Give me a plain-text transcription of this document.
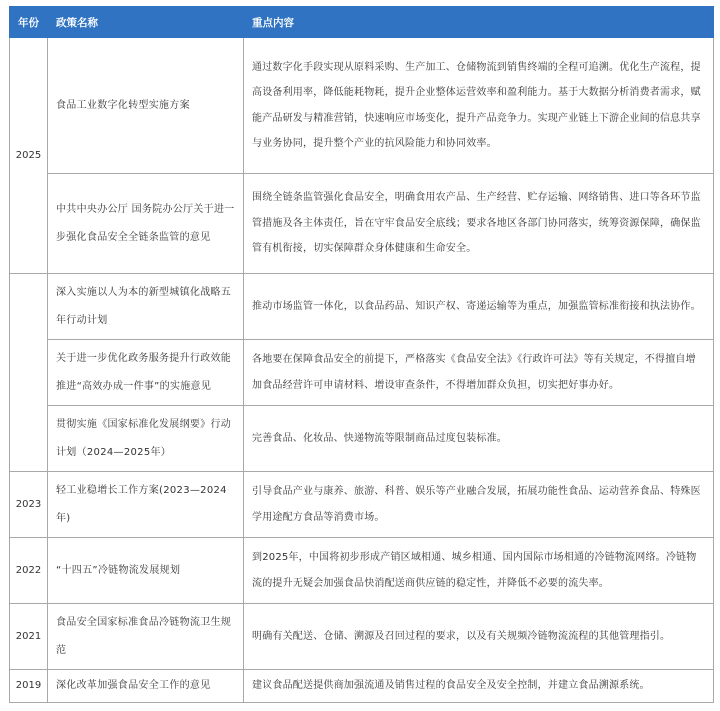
年份	政策名称	重点内容
2025	食品工业数字化转型实施方案	通过数字化手段实现从原料采购、生产加工、仓储物流到销售终端的全程可追溯。优化生产流程，提高设备利用率，降低能耗物耗，提升企业整体运营效率和盈利能力。基于大数据分析消费者需求，赋能产品研发与精准营销，快速响应市场变化，提升产品竞争力。实现产业链上下游企业间的信息共享与业务协同，提升整个产业的抗风险能力和协同效率。
	中共中央办公厅 国务院办公厅关于进一步强化食品安全全链条监管的意见	围绕全链条监管强化食品安全，明确食用农产品、生产经营、贮存运输、网络销售、进口等各环节监管措施及各主体责任，旨在守牢食品安全底线；要求各地区各部门协同落实，统筹资源保障，确保监管有机衔接，切实保障群众身体健康和生命安全。
	深入实施以人为本的新型城镇化战略五年行动计划	推动市场监管一体化，以食品药品、知识产权、寄递运输等为重点，加强监管标准衔接和执法协作。
	关于进一步优化政务服务提升行政效能推进“高效办成一件事”的实施意见	各地要在保障食品安全的前提下，严格落实《食品安全法》《行政许可法》等有关规定，不得擅自增加食品经营许可申请材料、增设审查条件，不得增加群众负担，切实把好事办好。
	贯彻实施《国家标准化发展纲要》行动计划（2024—2025年）	完善食品、化妆品、快递物流等限制商品过度包装标准。
2023	轻工业稳增长工作方案(2023—2024年)	引导食品产业与康养、旅游、科普、娱乐等产业融合发展，拓展功能性食品、运动营养食品、特殊医学用途配方食品等消费市场。
2022	“十四五”冷链物流发展规划	到2025年，中国将初步形成产销区域相通、城乡相通、国内国际市场相通的冷链物流网络。冷链物流的提升无疑会加强食品快消配送商供应链的稳定性，并降低不必要的流失率。
2021	食品安全国家标准食品冷链物流卫生规范	明确有关配送、仓储、溯源及召回过程的要求，以及有关规频冷链物流流程的其他管理指引。
2019	深化改革加强食品安全工作的意见	建议食品配送提供商加强流通及销售过程的食品安全及安全控制，并建立食品溯源系统。
